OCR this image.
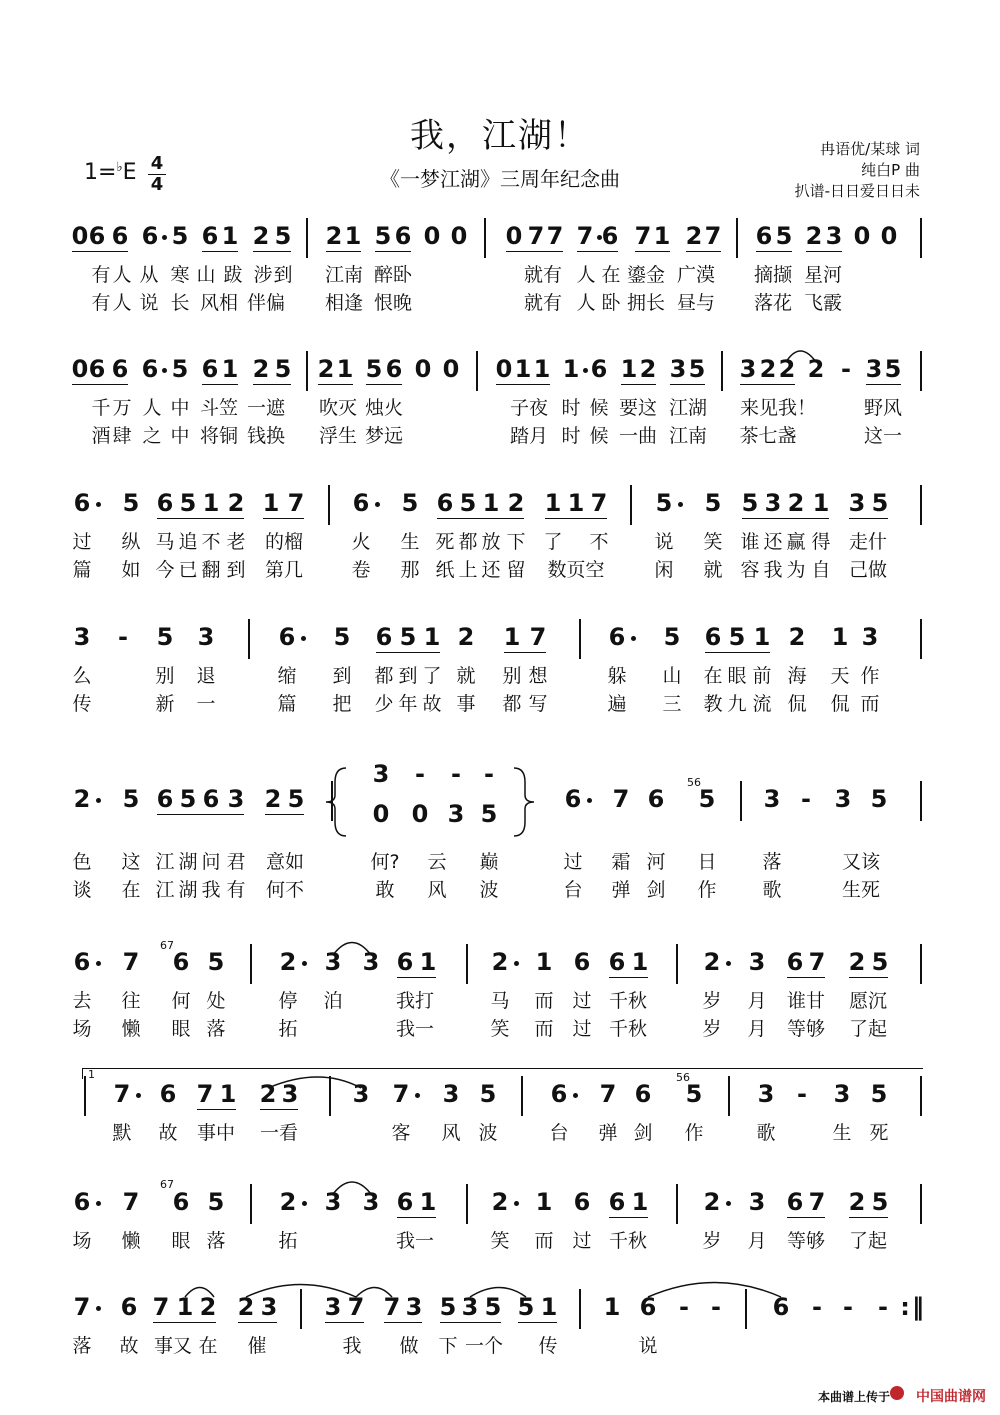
我，江湖！
《一梦江湖》三周年纪念曲
1=♭E 4
4
冉语优/某球 词
纯白P 曲
扒谱-日日爱日日未
0 6 6 6 5 6 1 2 5 2 1 5 6 0 0 0 7 7 7 6 7 1 2 7 6 5 2 3 0 0
有 人 从 寒 山 跋 涉 到 江南 醉卧	就有 人 在 鎏金 广漠 摘撷 星河
有 人 说 长 风相 伴偏 相逢 恨晚	就有 人 卧 拥长 昼与 落花 飞霰
0 6 6 6 5 6 1 2 5 2 1 5 6 0 0 0 1 1 1 6 1 2 3 5 3 2 2 2 - 3 5
千 万 人 中 斗笠 一遮 吹灭 烛火	子夜 时 候 要这 江湖 来见我！	野风
酒 肆 之 中 将铜 钱换 浮生 梦远	踏月 时 候 一曲 江南 茶七盏	这一
6 5 6 5 1 2 1 7 6 5 6 5 1 2 1 1 7 5 5 5 3 2 1 3 5
过 纵 马 追 不 老 的榴	火 生 死 都 放 下 了 不 说 笑 谁 还 赢 得 走什
篇 如 今 已 翻 到 第几	卷 那 纸 上 还 留 数页空	闲 就 容 我 为 自 己做
3 - 5 3	6 5 6 5 1 2 1 7	6 5 6 5 1 2 1 3
么	别 退	缩 到 都 到 了 就 别 想	躲 山 在 眼 前 海 天 作
传	新 一	篇 把 少 年 故 事 都 写	遍 三 教 九 流 侃 侃 而
2 5 6 5 6 3 2 5	6 7 6 5 3 - 3 5
3 - - -
0 0 3 5
色 这 江 湖 问 君 意如	何? 云 巅	过 霜 河 日 落	又该
谈 在 江 湖 我 有 何不	敢 风 波	台 弹 剑 作 歌	生死
6 7 6 5 2 3 3 6 1 2 1 6 6 1 2 3 6 7 2 5
去 往 何 处	停 泊	我打	马 而 过 千秋	岁 月 谁甘 愿沉
场 懒 眼 落	拓	我一	笑 而 过 千秋	岁 月 等够 了起
7 6 7 1 2 3 3 7 3 5 6 7 6 5 3 - 3 5
默 故 事中 一看	客 风 波	台 弹 剑 作	歌	生 死
6 7 6 5 2 3 3 6 1 2 1 6 6 1 2 3 6 7 2 5
场 懒 眼 落	拓	我一	笑 而 过 千秋	岁 月 等够 了起
7 6 7 1 2 2 3 3 7 7 3 5 3 5 5 1 1 6 - - 6 - - - : ‖
落 故 事又 在 催	我 做 下 一个 传	说
1
56
67
56
67
本曲谱上传于 中国曲谱网
